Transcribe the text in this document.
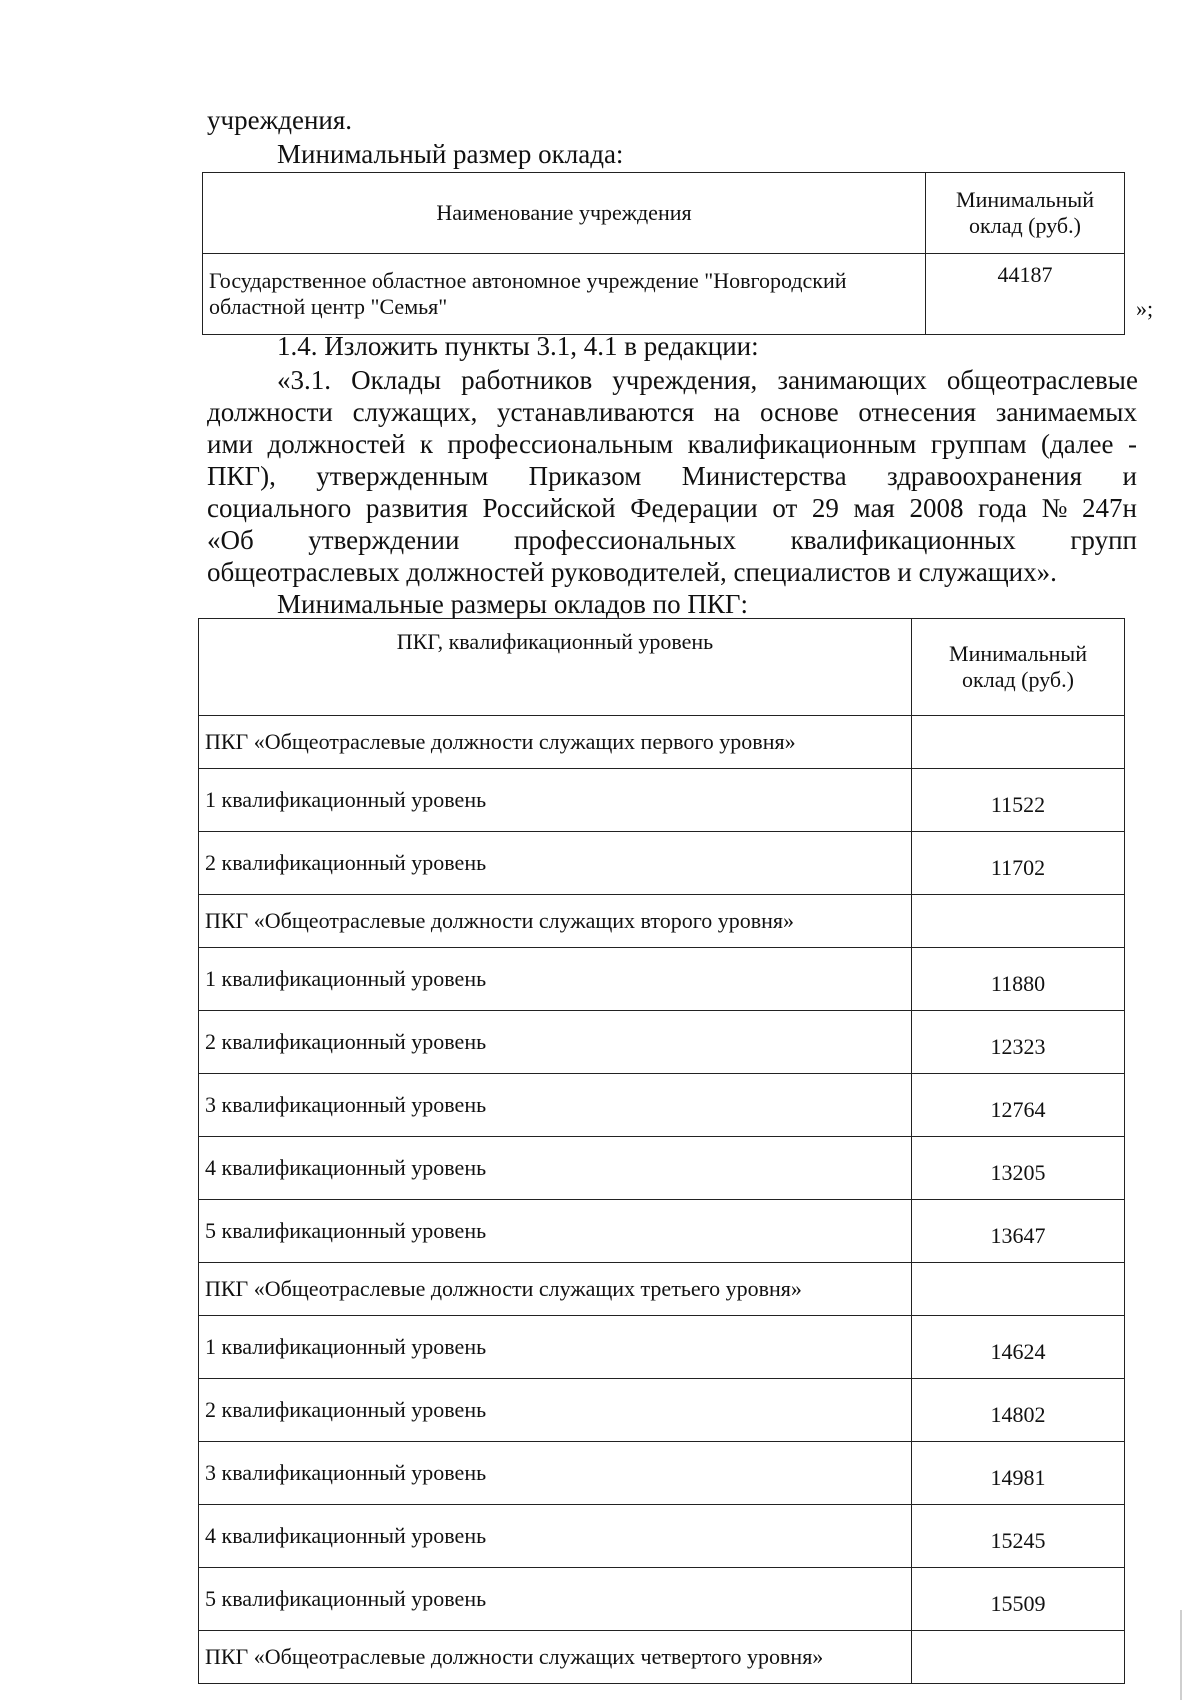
учреждения.
Минимальный размер оклада:
Наименование учреждения	Минимальный
оклад (руб.)

Государственное областное автономное учреждение "Новгородский
областной центр "Семья"	44187
»;
1.4. Изложить пункты 3.1, 4.1 в редакции:
«3.1. Оклады работников учреждения, занимающих общеотраслевые
должности служащих, устанавливаются на основе отнесения занимаемых
ими должностей к профессиональным квалификационным группам (далее -
ПКГ), утвержденным Приказом Министерства здравоохранения и
социального развития Российской Федерации от 29 мая 2008 года № 247н
«Об утверждении профессиональных квалификационных групп
общеотраслевых должностей руководителей, специалистов и служащих».
Минимальные размеры окладов по ПКГ:
ПКГ, квалификационный уровень	Минимальный
оклад (руб.)

ПКГ «Общеотраслевые должности служащих первого уровня»	
1 квалификационный уровень	11522
2 квалификационный уровень	11702
ПКГ «Общеотраслевые должности служащих второго уровня»	
1 квалификационный уровень	11880
2 квалификационный уровень	12323
3 квалификационный уровень	12764
4 квалификационный уровень	13205
5 квалификационный уровень	13647
ПКГ «Общеотраслевые должности служащих третьего уровня»	
1 квалификационный уровень	14624
2 квалификационный уровень	14802
3 квалификационный уровень	14981
4 квалификационный уровень	15245
5 квалификационный уровень	15509
ПКГ «Общеотраслевые должности служащих четвертого уровня»	
